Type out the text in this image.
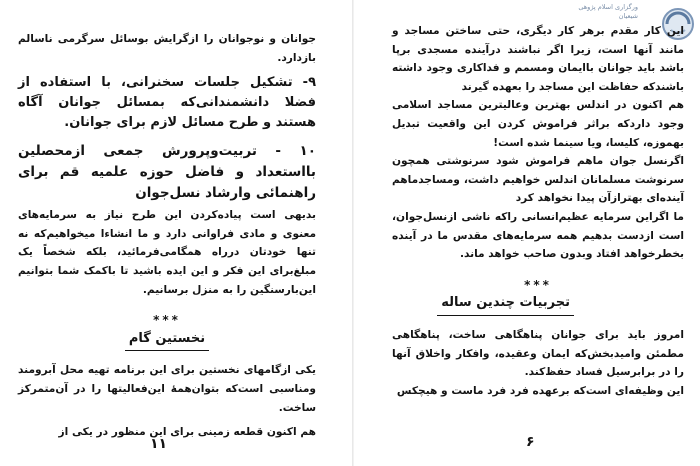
ورگزاری‌ اسلام پژوهی شیعیان

این کار مقدم برهر کار دیگری، حتی ساختن مساجد و مانند آنها است، زیرا اگر نباشند درآینده مسجدی برپا باشد باید جوانان باایمان ومسمم و فداکاری وجود داشته باشندکه حفاظت این مساجد را بعهده گیرند

هم اکنون در اندلس بهترین وعالیترین مساجد اسلامی وجود داردکه براثر فراموش کردن این واقعیت تبدیل بهموزه، کلیسا، ویا سینما شده است!

اگرنسل جوان ماهم فراموش شود سرنوشتی همچون سرنوشت مسلمانان اندلس خواهیم داشت، ومساجدماهم آینده‌ای بهترازآن پیدا نخواهد کرد

ما اگراین سرمایه عظیم‌انسانی راکه ناشی ازنسل‌جوان، است ازدست بدهیم همه سرمایه‌های مقدس ما در آینده بخطرخواهد افتاد وبدون صاحب خواهد ماند.

***

تجربیات چندین ساله

امروز باید برای جوانان پناهگاهی ساخت، پناهگاهی مطمئن وامیدبخش‌که ایمان وعقیده، وافکار واخلاق آنها را در برابرسیل فساد حفظ‌کند.

این وظیفه‌ای است‌که برعهده فرد فرد ماست و هیچکس

۶

جوانان و نوجوانان را ازگرایش بوسائل سرگرمی ناسالم بازدارد.

۹- تشکیل جلسات سخنرانی، با استفاده از فضلا دانشمندانی‌که بمسائل جوانان آگاه هستند و طرح مسائل لازم برای جوانان.

۱۰ - تربیت‌وپرورش جمعی ازمحصلین بااستعداد و فاضل حوزه علمیه قم برای راهنمائی وارشاد نسل‌جوان

بدیهی است پیاده‌کردن این طرح نیاز به سرمایه‌های معنوی و مادی فراوانی دارد و ما انشاءا میخواهیم‌که نه تنها خودتان درراه همگامی‌فرمائید، بلکه شخصاً یک مبلغ‌برای این فکر و این ایده باشید تا باکمک شما بتوانیم این‌بارسنگین را به منزل برسانیم.

***

نخستین گام

یکی ازگامهای نخستین برای این برنامه تهیه محل آبرومند ومناسبی است‌که بتوان‌همهٔ این‌فعالیتها را در آن‌متمرکز ساخت.

هم اکنون قطعه زمینی برای این منظور در یکی از

۱۱
